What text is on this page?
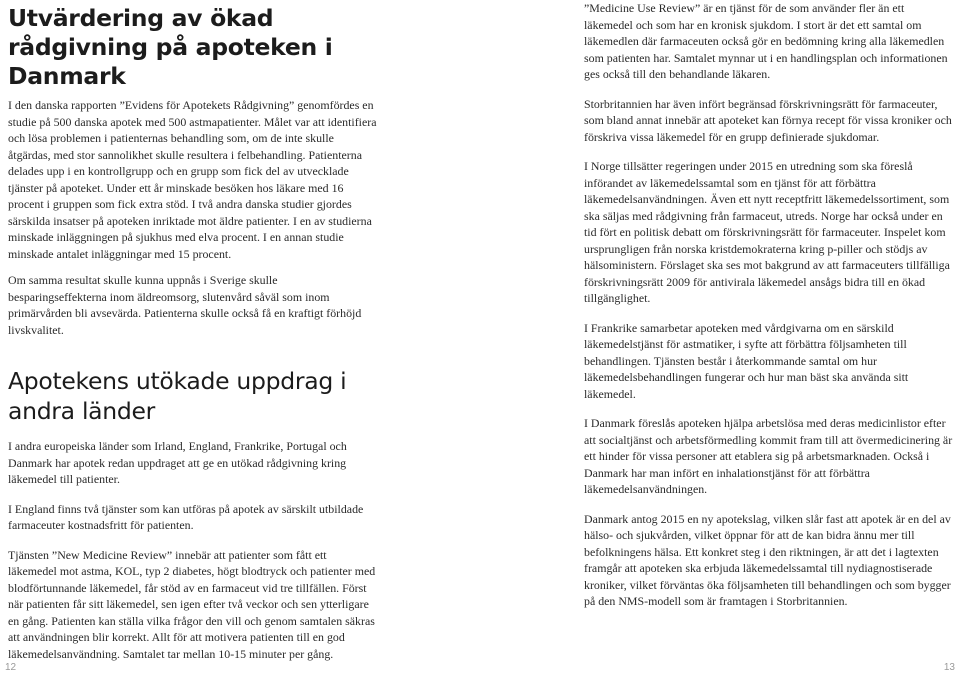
Utvärdering av ökad rådgivning på apoteken i Danmark

I den danska rapporten ”Evidens för Apotekets Rådgivning” genomfördes en studie på 500 danska apotek med 500 astmapatienter. Målet var att identifiera och lösa problemen i patienternas behandling som, om de inte skulle åtgärdas, med stor sannolikhet skulle resultera i felbehandling. Patienterna delades upp i en kontrollgrupp och en grupp som fick del av utvecklade tjänster på apoteket. Under ett år minskade besöken hos läkare med 16 procent i gruppen som fick extra stöd. I två andra danska studier gjordes särskilda insatser på apoteken inriktade mot äldre patienter. I en av studierna minskade inläggningen på sjukhus med elva procent. I en annan studie minskade antalet inläggningar med 15 procent.

Om samma resultat skulle kunna uppnås i Sverige skulle besparingseffekterna inom äldreomsorg, slutenvård såväl som inom primärvården bli avsevärda. Patienterna skulle också få en kraftigt förhöjd livskvalitet.

Apotekens utökade uppdrag i andra länder

I andra europeiska länder som Irland, England, Frankrike, Portugal och Danmark har apotek redan uppdraget att ge en utökad rådgivning kring läkemedel till patienter.

I England finns två tjänster som kan utföras på apotek av särskilt utbildade farmaceuter kostnadsfritt för patienten.

Tjänsten ”New Medicine Review” innebär att patienter som fått ett läkemedel mot astma, KOL, typ 2 diabetes, högt blodtryck och patienter med blodförtunnande läkemedel, får stöd av en farmaceut vid tre tillfällen. Först när patienten får sitt läkemedel, sen igen efter två veckor och sen ytterligare en gång. Patienten kan ställa vilka frågor den vill och genom samtalen säkras att användningen blir korrekt. Allt för att motivera patienten till en god läkemedelsanvändning. Samtalet tar mellan 10-15 minuter per gång.

”Medicine Use Review” är en tjänst för de som använder fler än ett läkemedel och som har en kronisk sjukdom. I stort är det ett samtal om läkemedlen där farmaceuten också gör en bedömning kring alla läkemedlen som patienten har. Samtalet mynnar ut i en handlingsplan och informationen ges också till den behandlande läkaren.

Storbritannien har även infört begränsad förskrivningsrätt för farmaceuter, som bland annat innebär att apoteket kan förnya recept för vissa kroniker och förskriva vissa läkemedel för en grupp definierade sjukdomar.

I Norge tillsätter regeringen under 2015 en utredning som ska föreslå införandet av läkemedelssamtal som en tjänst för att förbättra läkemedelsanvändningen. Även ett nytt receptfritt läkemedelssortiment, som ska säljas med rådgivning från farmaceut, utreds. Norge har också under en tid fört en politisk debatt om förskrivningsrätt för farmaceuter. Inspelet kom ursprungligen från norska kristdemokraterna kring p-piller och stödjs av hälsoministern. Förslaget ska ses mot bakgrund av att farmaceuters tillfälliga förskrivningsrätt 2009 för antivirala läkemedel ansågs bidra till en ökad tillgänglighet.

I Frankrike samarbetar apoteken med vårdgivarna om en särskild läkemedelstjänst för astmatiker, i syfte att förbättra följsamheten till behandlingen. Tjänsten består i återkommande samtal om hur läkemedelsbehandlingen fungerar och hur man bäst ska använda sitt läkemedel.

I Danmark föreslås apoteken hjälpa arbetslösa med deras medicinlistor efter att socialtjänst och arbetsförmedling kommit fram till att övermedicinering är ett hinder för vissa personer att etablera sig på arbetsmarknaden. Också i Danmark har man infört en inhalationstjänst för att förbättra läkemedelsanvändningen.

Danmark antog 2015 en ny apotekslag, vilken slår fast att apotek är en del av hälso- och sjukvården, vilket öppnar för att de kan bidra ännu mer till befolkningens hälsa. Ett konkret steg i den riktningen, är att det i lagtexten framgår att apoteken ska erbjuda läkemedelssamtal till nydiagnostiserade kroniker, vilket förväntas öka följsamheten till behandlingen och som bygger på den NMS-modell som är framtagen i Storbritannien.

12	13
